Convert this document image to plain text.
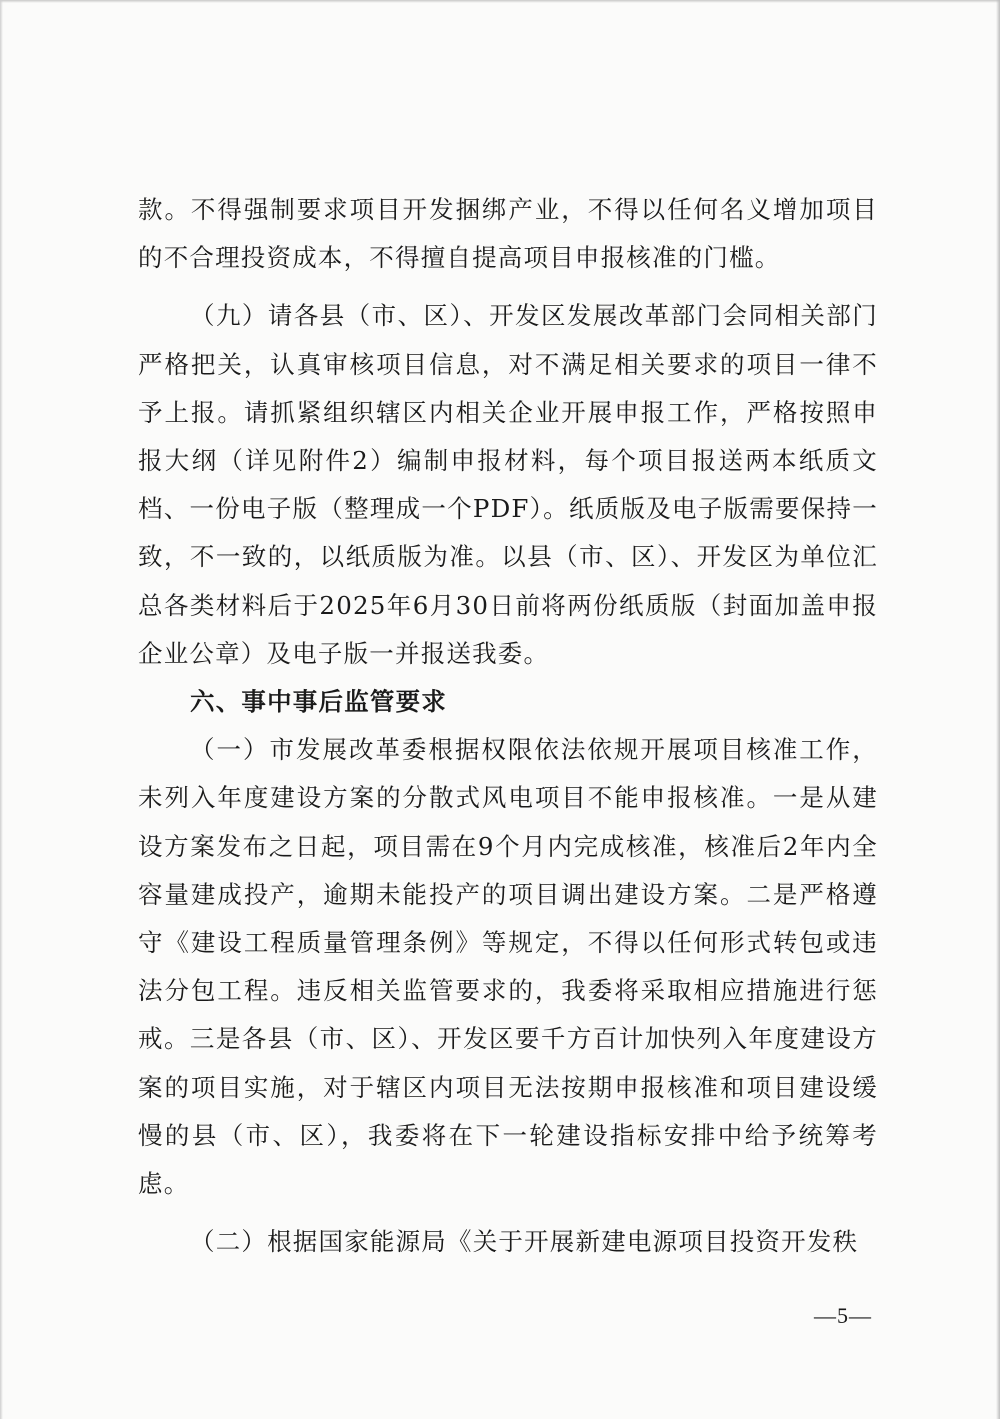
款。不得强制要求项目开发捆绑产业，不得以任何名义增加项目的不合理投资成本，不得擅自提高项目申报核准的门槛。

（九）请各县（市、区）、开发区发展改革部门会同相关部门严格把关，认真审核项目信息，对不满足相关要求的项目一律不予上报。请抓紧组织辖区内相关企业开展申报工作，严格按照申报大纲（详见附件2）编制申报材料，每个项目报送两本纸质文档、一份电子版（整理成一个PDF）。纸质版及电子版需要保持一致，不一致的，以纸质版为准。以县（市、区）、开发区为单位汇总各类材料后于2025年6月30日前将两份纸质版（封面加盖申报企业公章）及电子版一并报送我委。

六、事中事后监管要求

（一）市发展改革委根据权限依法依规开展项目核准工作，未列入年度建设方案的分散式风电项目不能申报核准。一是从建设方案发布之日起，项目需在9个月内完成核准，核准后2年内全容量建成投产，逾期未能投产的项目调出建设方案。二是严格遵守《建设工程质量管理条例》等规定，不得以任何形式转包或违法分包工程。违反相关监管要求的，我委将采取相应措施进行惩戒。三是各县（市、区）、开发区要千方百计加快列入年度建设方案的项目实施，对于辖区内项目无法按期申报核准和项目建设缓慢的县（市、区），我委将在下一轮建设指标安排中给予统筹考虑。

（二）根据国家能源局《关于开展新建电源项目投资开发秩

—5—
